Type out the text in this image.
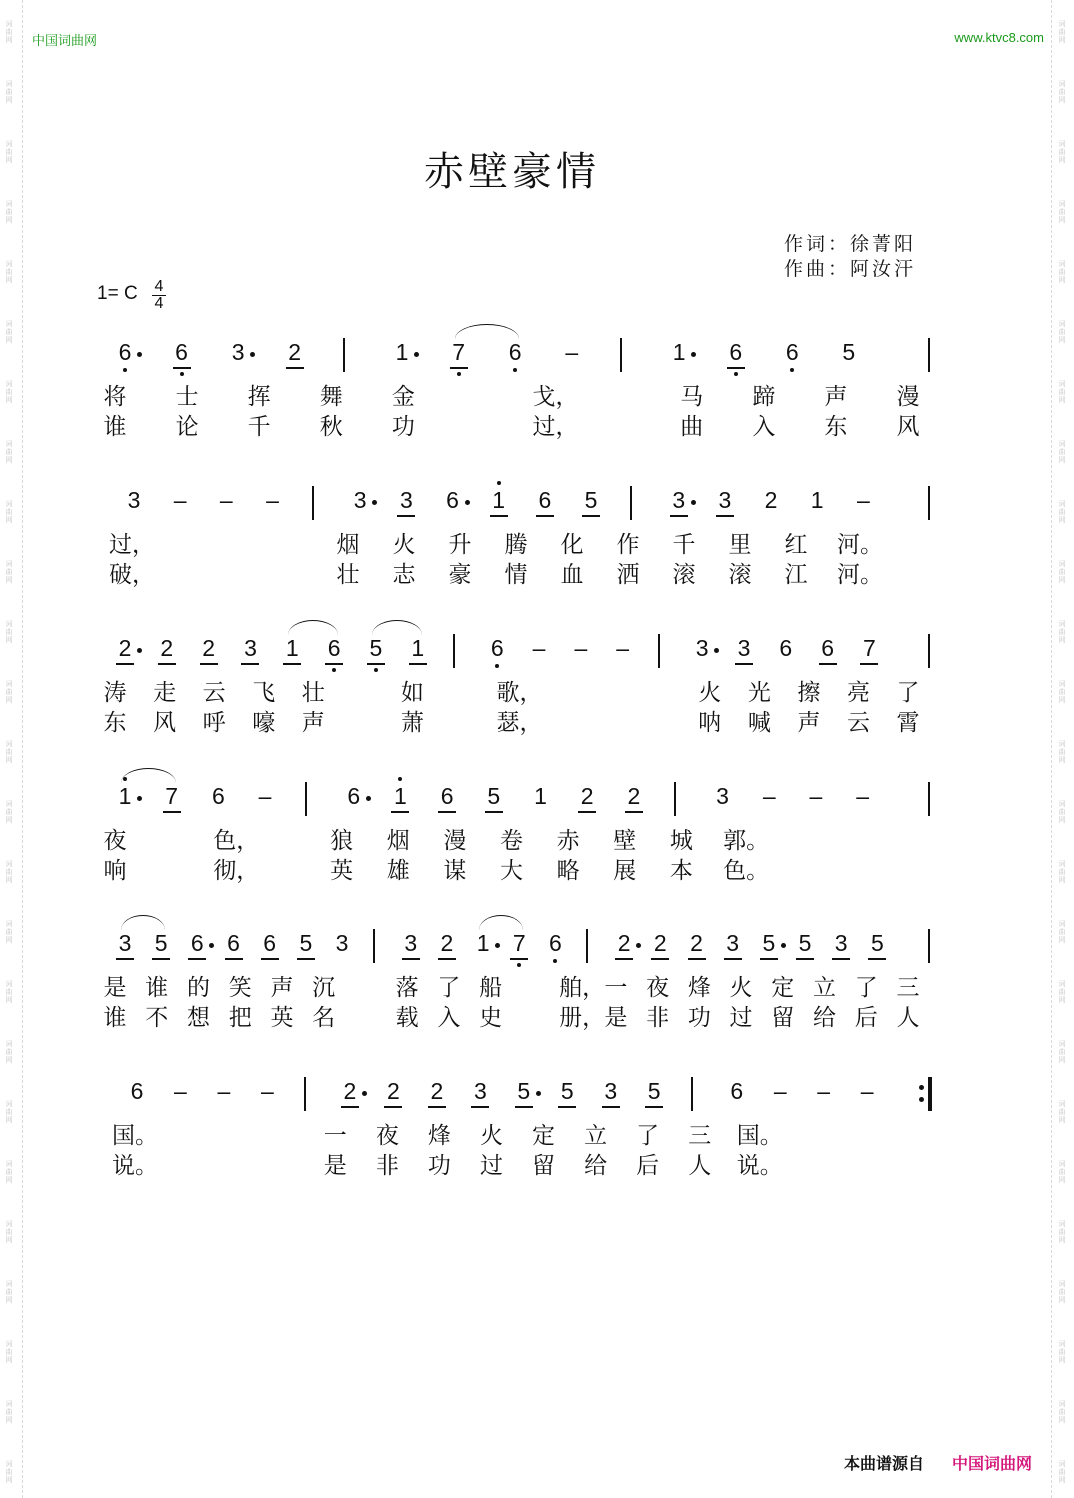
词
曲
网
词
曲
网
词
曲
网
词
曲
网
词
曲
网
词
曲
网
词
曲
网
词
曲
网
词
曲
网
词
曲
网
词
曲
网
词
曲
网
词
曲
网
词
曲
网
词
曲
网
词
曲
网
词
曲
网
词
曲
网
词
曲
网
词
曲
网
词
曲
网
词
曲
网
词
曲
网
词
曲
网
词
曲
网
词
曲
网
词
曲
网
词
曲
网
词
曲
网
词
曲
网
词
曲
网
词
曲
网
词
曲
网
词
曲
网
词
曲
网
词
曲
网
词
曲
网
词
曲
网
词
曲
网
词
曲
网
词
曲
网
词
曲
网
词
曲
网
词
曲
网
词
曲
网
词
曲
网
词
曲
网
词
曲
网
词
曲
网
词
曲
网
中国词曲网	www.ktvc8.com
赤壁豪情
作词：徐菁阳
作曲：阿汝汗
1= C 4
4
6 6 3 2	1 7 6 –	1 6 6 5
将 士 挥 舞 金	戈，	马 蹄 声 漫
谁 论 千 秋 功	过，	曲 入 东 风
3 – – –	3 3 6 1 6 5	3 3 2 1 –
过，	烟 火 升 腾 化 作 千 里 红 河。
破，	壮 志 豪 情 血 洒 滚 滚 江 河。
2 2 2 3 1 6 5 1	6 – – –	3 3 6 6 7
涛 走 云 飞 壮	如	歌，	火 光 擦 亮 了
东 风 呼 嚎 声	萧	瑟，	呐 喊 声 云 霄
1 7 6 –	6 1 6 5 1 2 2	3 – – –
夜	色，	狼 烟 漫 卷 赤 壁 城 郭。
响	彻，	英 雄 谋 大 略 展 本 色。
3 5 6 6 6 5 3 3 2 1 7 6 2 2 2 3 5 5 3 5
是 谁 的 笑 声 沉	落 了 船 舶， 一 夜 烽 火 定 立 了 三
谁 不 想 把 英 名	载 入 史 册， 是 非 功 过 留 给 后 人
6 – – –	2 2 2 3 5 5 3 5	6 – – –
国。	一 夜 烽 火 定 立 了 三 国。
说。	是 非 功 过 留 给 后 人 说。
本曲谱源自 中国词曲网
